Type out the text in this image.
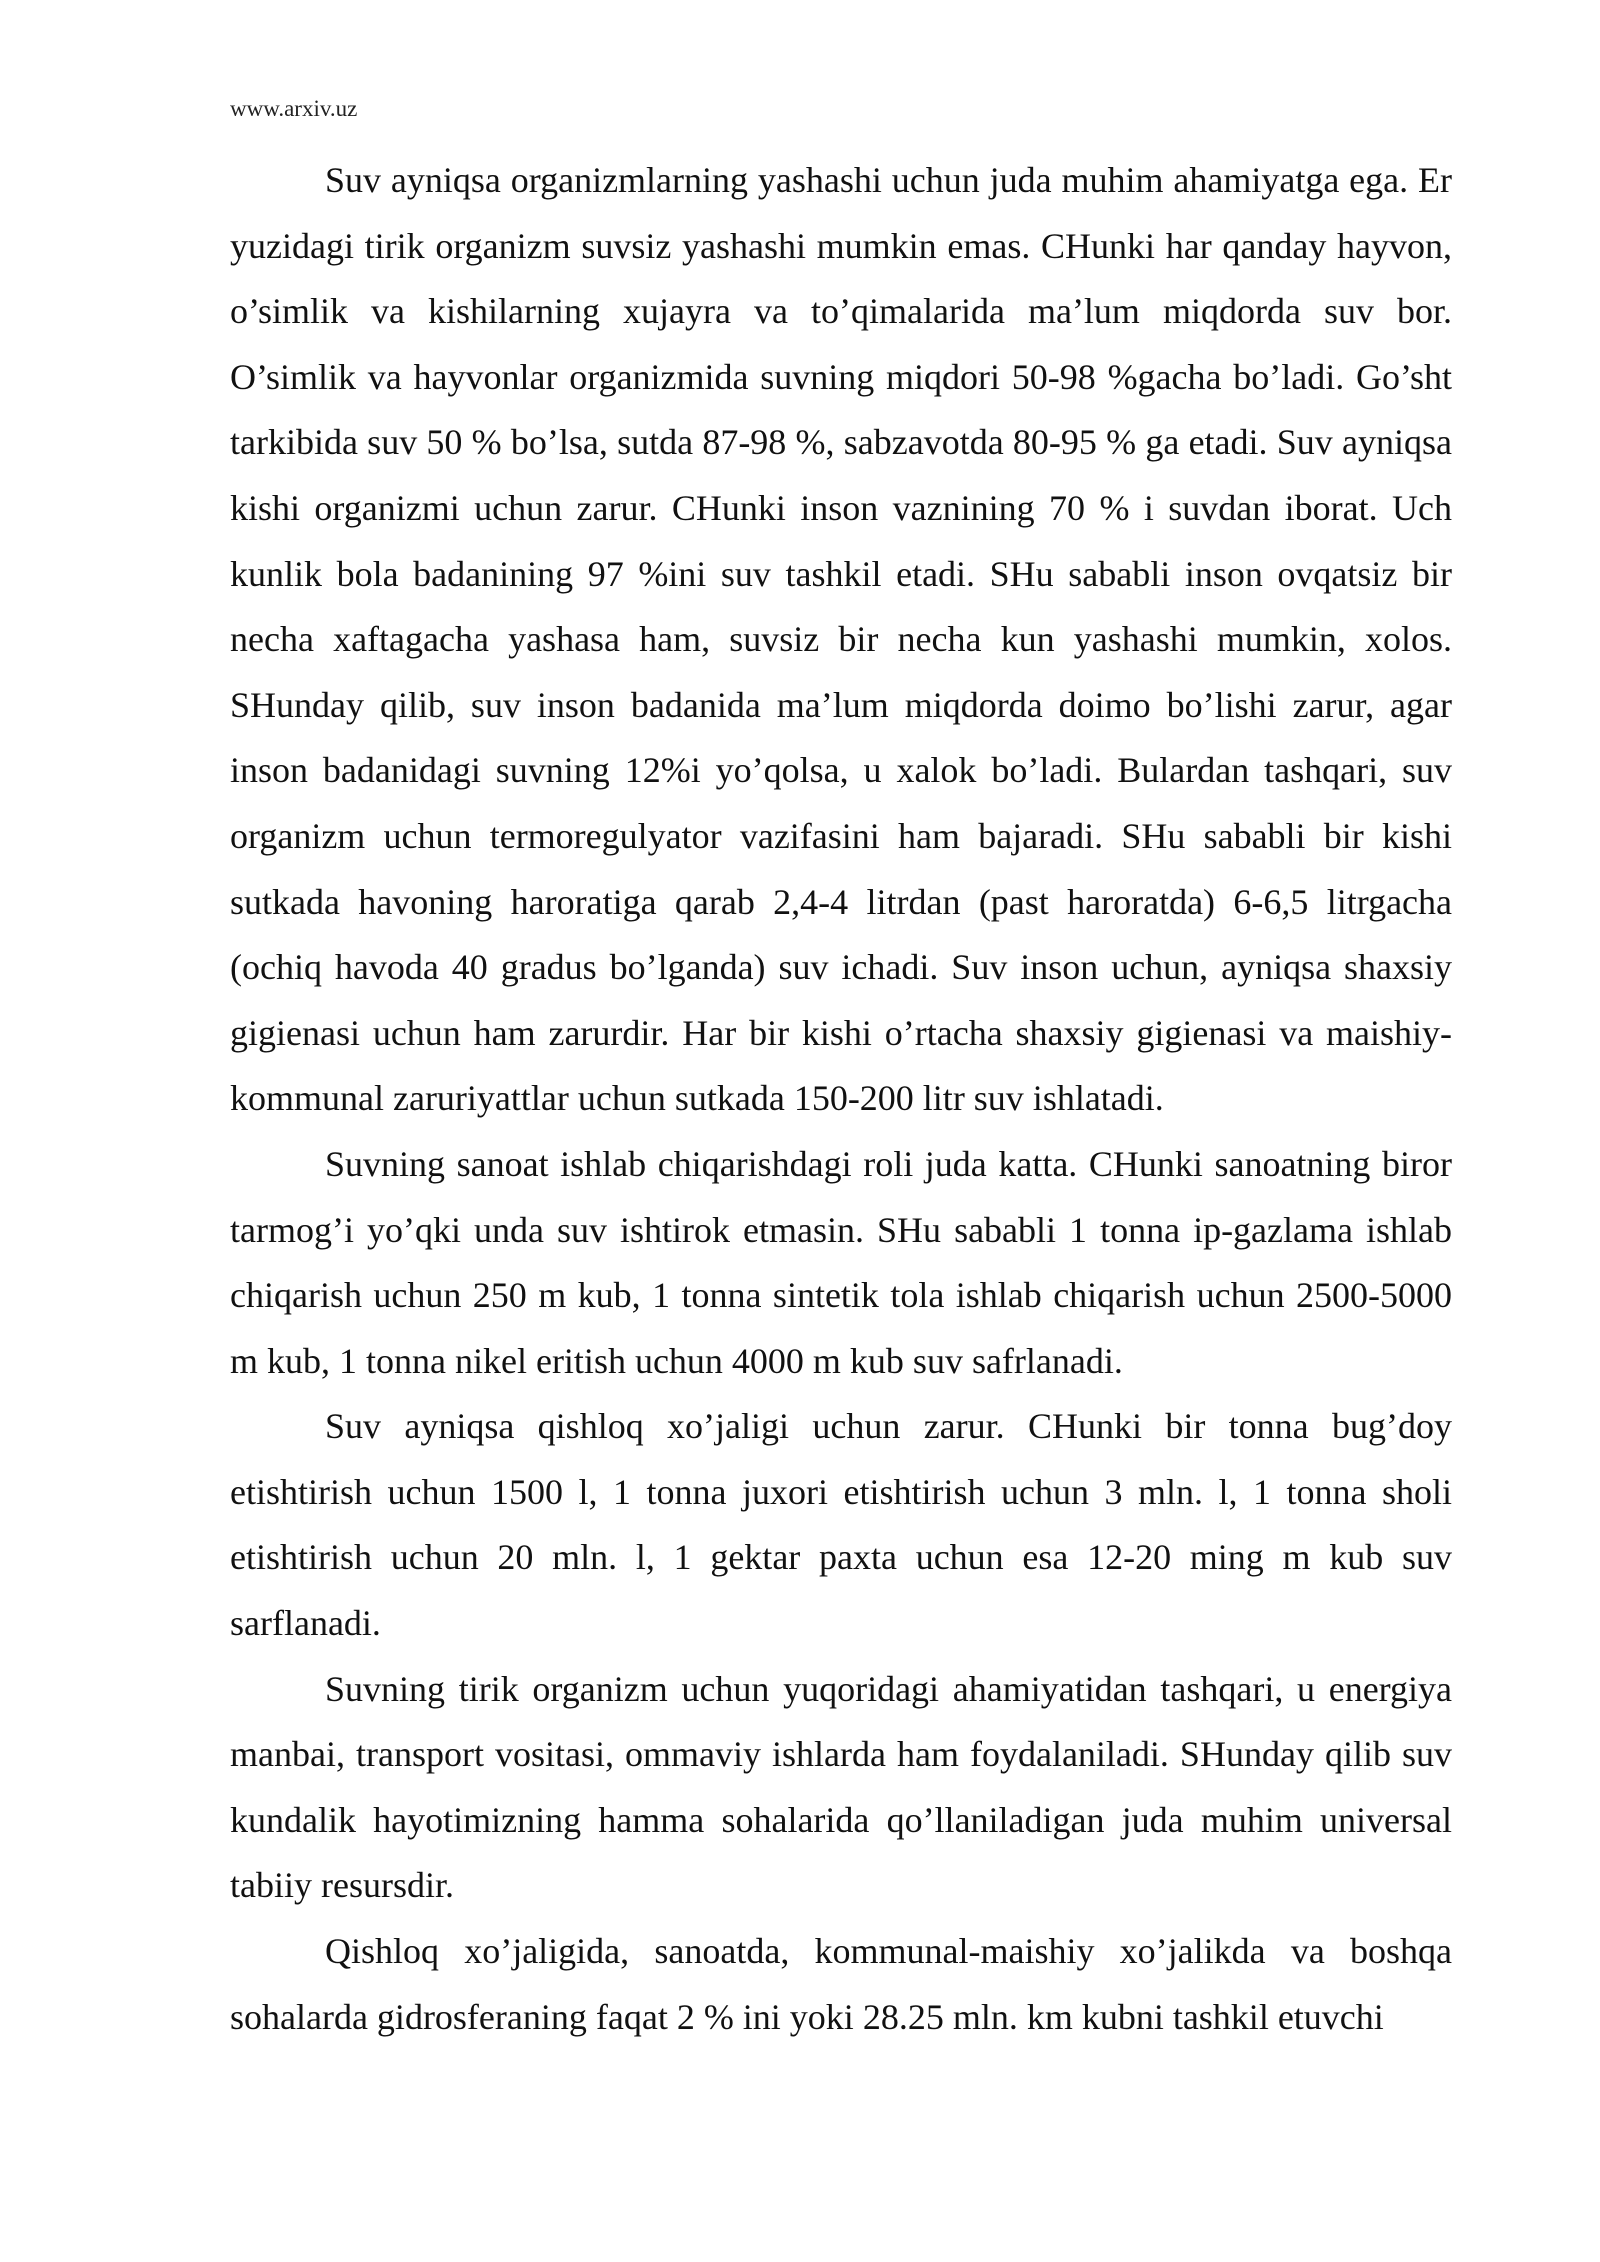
www.arxiv.uz

Suv ayniqsa organizmlarning yashashi uchun juda muhim ahamiyatga ega. Er yuzidagi tirik organizm suvsiz yashashi mumkin emas. CHunki har qanday hayvon, o’simlik va kishilarning xujayra va to’qimalarida ma’lum miqdorda suv bor. O’simlik va hayvonlar organizmida suvning miqdori 50-98 %gacha bo’ladi. Go’sht tarkibida suv 50 % bo’lsa, sutda 87-98 %, sabzavotda 80-95 % ga etadi. Suv ayniqsa kishi organizmi uchun zarur. CHunki inson vaznining 70 % i suvdan iborat. Uch kunlik bola badanining 97 %ini suv tashkil etadi. SHu sababli inson ovqatsiz bir necha xaftagacha yashasa ham, suvsiz bir necha kun yashashi mumkin, xolos. SHunday qilib, suv inson badanida ma’lum miqdorda doimo bo’lishi zarur, agar inson badanidagi suvning 12%i yo’qolsa, u xalok bo’ladi. Bulardan tashqari, suv organizm uchun termoregulyator vazifasini ham bajaradi. SHu sababli bir kishi sutkada havoning haroratiga qarab 2,4-4 litrdan (past haroratda) 6-6,5 litrgacha (ochiq havoda 40 gradus bo’lganda) suv ichadi. Suv inson uchun, ayniqsa shaxsiy gigienasi uchun ham zarurdir. Har bir kishi o’rtacha shaxsiy gigienasi va maishiy-kommunal zaruriyattlar uchun sutkada 150-200 litr suv ishlatadi.

Suvning sanoat ishlab chiqarishdagi roli juda katta. CHunki sanoatning biror tarmog’i yo’qki unda suv ishtirok etmasin. SHu sababli 1 tonna ip-gazlama ishlab chiqarish uchun 250 m kub, 1 tonna sintetik tola ishlab chiqarish uchun 2500-5000 m kub, 1 tonna nikel eritish uchun 4000 m kub suv safrlanadi.

Suv ayniqsa qishloq xo’jaligi uchun zarur. CHunki bir tonna bug’doy etishtirish uchun 1500 l, 1 tonna juxori etishtirish uchun 3 mln. l, 1 tonna sholi etishtirish uchun 20 mln. l, 1 gektar paxta uchun esa 12-20 ming m kub suv sarflanadi.

Suvning tirik organizm uchun yuqoridagi ahamiyatidan tashqari, u energiya manbai, transport vositasi, ommaviy ishlarda ham foydalaniladi. SHunday qilib suv kundalik hayotimizning hamma sohalarida qo’llaniladigan juda muhim universal tabiiy resursdir.

Qishloq xo’jaligida, sanoatda, kommunal-maishiy xo’jalikda va boshqa sohalarda gidrosferaning faqat 2 % ini yoki 28.25 mln. km kubni tashkil etuvchi
